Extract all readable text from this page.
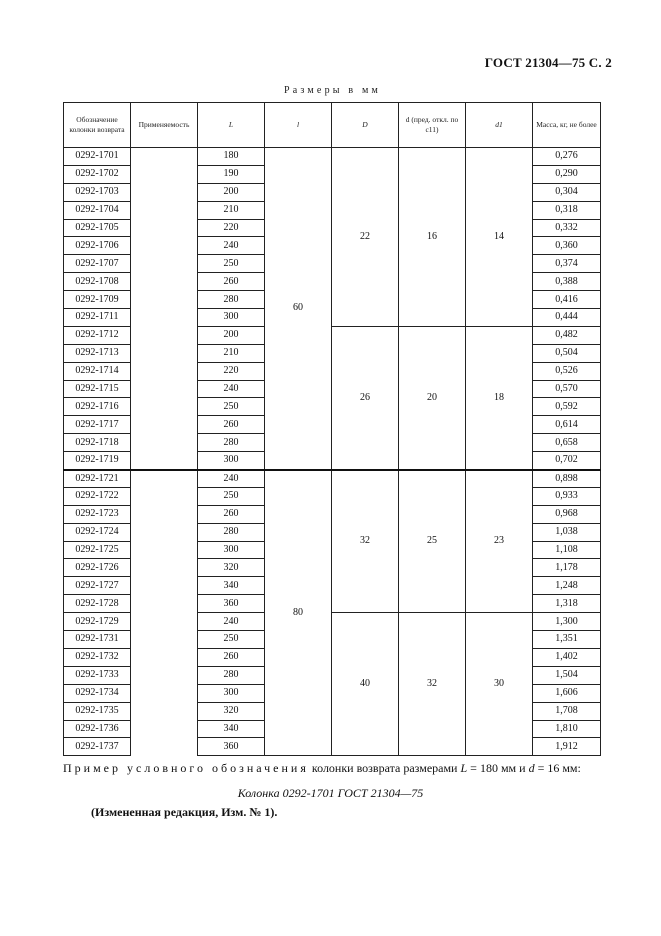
ГОСТ 21304—75 С. 2
Размеры в мм
Обозначение колонки возврата	Применяемость	L	l	D	d (пред. откл. по c11)	d1	Масса, кг, не более
0292-1701		180	60	22	16	14	0,276
0292-1702		190					0,290
0292-1703		200					0,304
0292-1704		210					0,318
0292-1705		220					0,332
0292-1706		240					0,360
0292-1707		250					0,374
0292-1708		260					0,388
0292-1709		280					0,416
0292-1711		300					0,444
0292-1712		200		26	20	18	0,482
0292-1713		210					0,504
0292-1714		220					0,526
0292-1715		240					0,570
0292-1716		250					0,592
0292-1717		260					0,614
0292-1718		280					0,658
0292-1719		300					0,702
0292-1721		240	80	32	25	23	0,898
0292-1722		250					0,933
0292-1723		260					0,968
0292-1724		280					1,038
0292-1725		300					1,108
0292-1726		320					1,178
0292-1727		340					1,248
0292-1728		360					1,318
0292-1729		240		40	32	30	1,300
0292-1731		250					1,351
0292-1732		260					1,402
0292-1733		280					1,504
0292-1734		300					1,606
0292-1735		320					1,708
0292-1736		340					1,810
0292-1737		360					1,912
Пример условного обозначения колонки возврата размерами L = 180 мм и d = 16 мм:
Колонка 0292-1701 ГОСТ 21304—75
(Измененная редакция, Изм. № 1).
